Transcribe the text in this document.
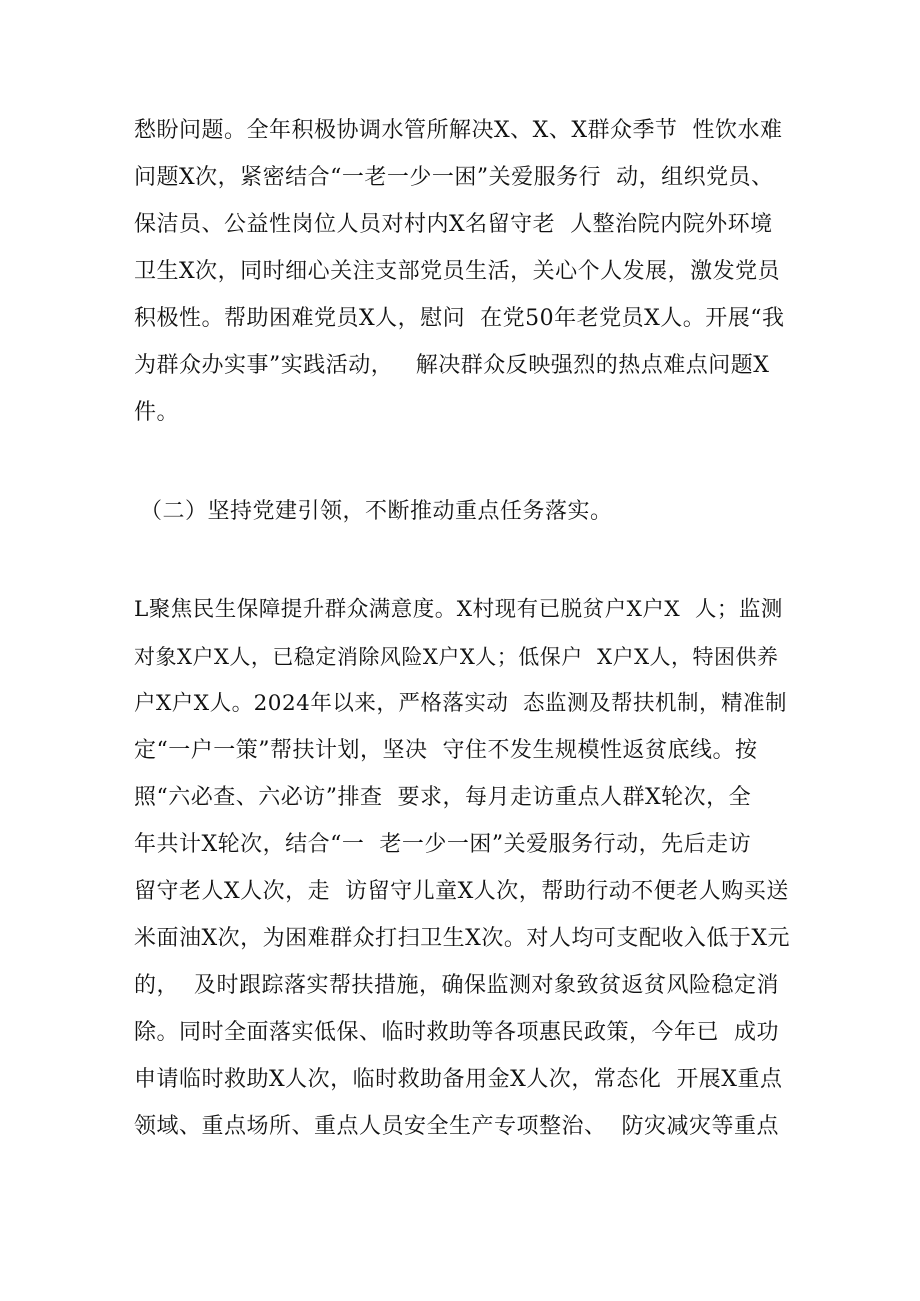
愁盼问题。全年积极协调水管所解决X、X、X群众季节  性饮水难
问题X次，紧密结合“一老一少一困”关爱服务行  动，组织党员、
保洁员、公益性岗位人员对村内X名留守老  人整治院内院外环境
卫生X次，同时细心关注支部党员生活，关心个人发展，激发党员
积极性。帮助困难党员X人，慰问  在党50年老党员X人。开展“我
为群众办实事”实践活动，   解决群众反映强烈的热点难点问题X
件。
（二）坚持党建引领，不断推动重点任务落实。
L聚焦民生保障提升群众满意度。X村现有已脱贫户X户X  人；监测
对象X户X人，已稳定消除风险X户X人；低保户  X户X人，特困供养
户X户X人。2024年以来，严格落实动  态监测及帮扶机制，精准制
定“一户一策”帮扶计划，坚决  守住不发生规模性返贫底线。按
照“六必查、六必访”排查  要求，每月走访重点人群X轮次，全
年共计X轮次，结合“一  老一少一困”关爱服务行动，先后走访
留守老人X人次，走  访留守儿童X人次，帮助行动不便老人购买送
米面油X次，为困难群众打扫卫生X次。对人均可支配收入低于X元
的，  及时跟踪落实帮扶措施，确保监测对象致贫返贫风险稳定消
除。同时全面落实低保、临时救助等各项惠民政策，今年已  成功
申请临时救助X人次，临时救助备用金X人次，常态化  开展X重点
领域、重点场所、重点人员安全生产专项整治、  防灾减灾等重点
